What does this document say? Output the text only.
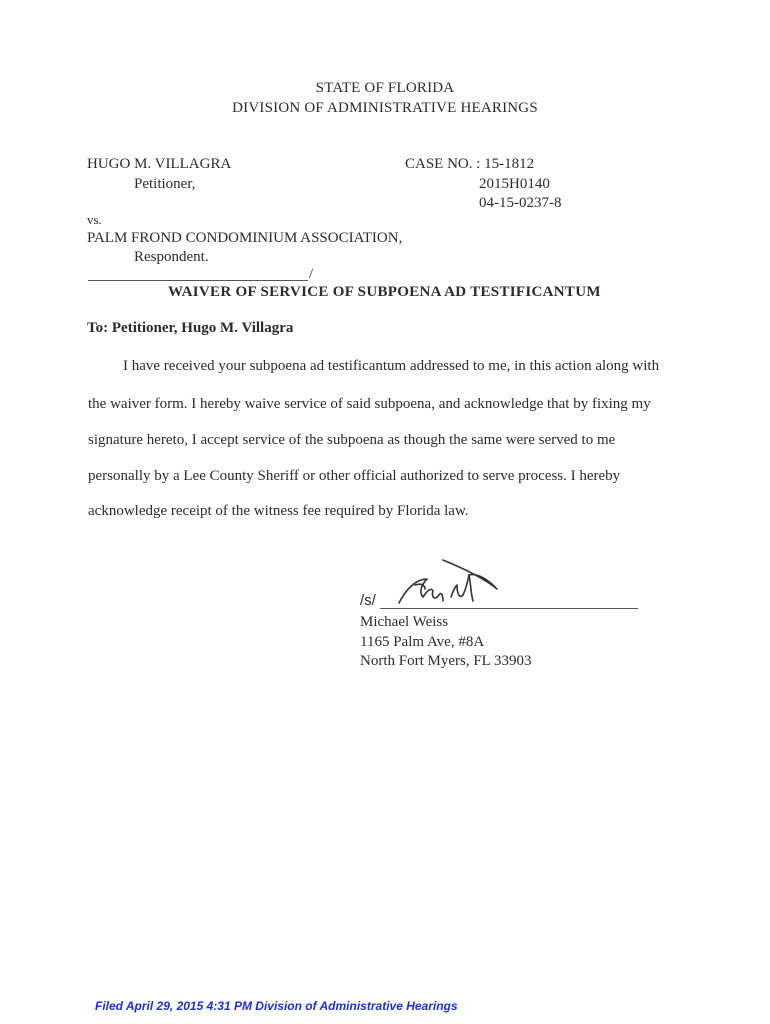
STATE OF FLORIDA
DIVISION OF ADMINISTRATIVE HEARINGS
HUGO M. VILLAGRA
Petitioner,
CASE NO. : 15-1812
2015H0140
04-15-0237-8
vs.
PALM FROND CONDOMINIUM ASSOCIATION,
Respondent.
/
WAIVER OF SERVICE OF SUBPOENA AD TESTIFICANTUM
To: Petitioner, Hugo M. Villagra
I have received your subpoena ad testificantum addressed to me, in this action along with
the waiver form. I hereby waive service of said subpoena, and acknowledge that by fixing my
signature hereto, I accept service of the subpoena as though the same were served to me
personally by a Lee County Sheriff or other official authorized to serve process. I hereby
acknowledge receipt of the witness fee required by Florida law.
/s/
Michael Weiss
1165 Palm Ave, #8A
North Fort Myers, FL 33903
Filed April 29, 2015 4:31 PM Division of Administrative Hearings
